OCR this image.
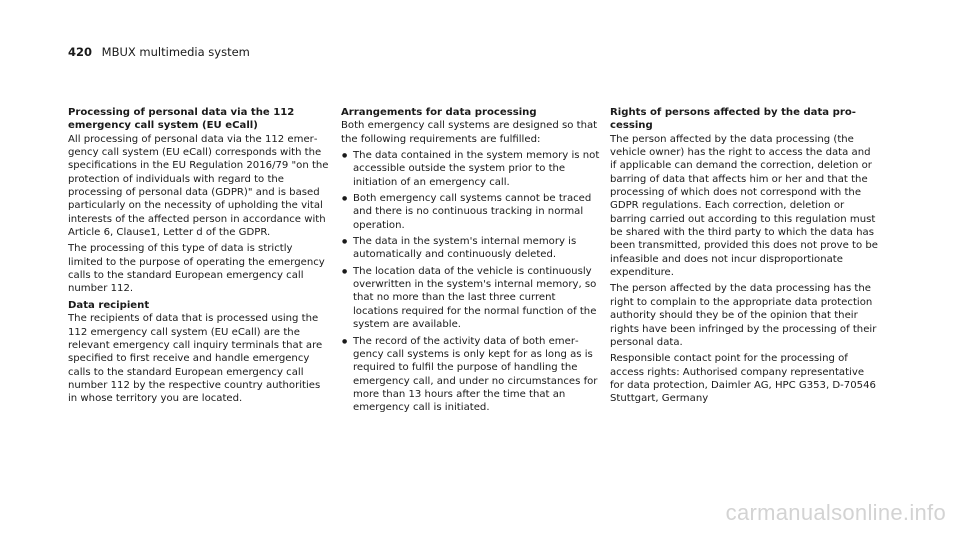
420 MBUX multimedia system

Processing of personal data via the 112 emergency call system (EU eCall)

All processing of personal data via the 112 emergency call system (EU eCall) corresponds with the specifications in the EU Regulation 2016/79 "on the protection of individuals with regard to the processing of personal data (GDPR)" and is based particularly on the necessity of upholding the vital interests of the affected person in accordance with Article 6, Clause1, Letter d of the GDPR.

The processing of this type of data is strictly limited to the purpose of operating the emergency calls to the standard European emergency call number 112.

Data recipient

The recipients of data that is processed using the 112 emergency call system (EU eCall) are the relevant emergency call inquiry terminals that are specified to first receive and handle emergency calls to the standard European emergency call number 112 by the respective country authorities in whose territory you are located.

Arrangements for data processing

Both emergency call systems are designed so that the following requirements are fulfilled:

● The data contained in the system memory is not accessible outside the system prior to the initiation of an emergency call.
● Both emergency call systems cannot be traced and there is no continuous tracking in normal operation.
● The data in the system's internal memory is automatically and continuously deleted.
● The location data of the vehicle is continuously overwritten in the system's internal memory, so that no more than the last three current locations required for the normal function of the system are available.
● The record of the activity data of both emergency call systems is only kept for as long as is required to fulfil the purpose of handling the emergency call, and under no circumstances for more than 13 hours after the time that an emergency call is initiated.

Rights of persons affected by the data processing

The person affected by the data processing (the vehicle owner) has the right to access the data and if applicable can demand the correction, deletion or barring of data that affects him or her and that the processing of which does not correspond with the GDPR regulations. Each correction, deletion or barring carried out according to this regulation must be shared with the third party to which the data has been transmitted, provided this does not prove to be infeasible and does not incur disproportionate expenditure.

The person affected by the data processing has the right to complain to the appropriate data protection authority should they be of the opinion that their rights have been infringed by the processing of their personal data.

Responsible contact point for the processing of access rights: Authorised company representative for data protection, Daimler AG, HPC G353, D-70546 Stuttgart, Germany

carmanualsonline.info
